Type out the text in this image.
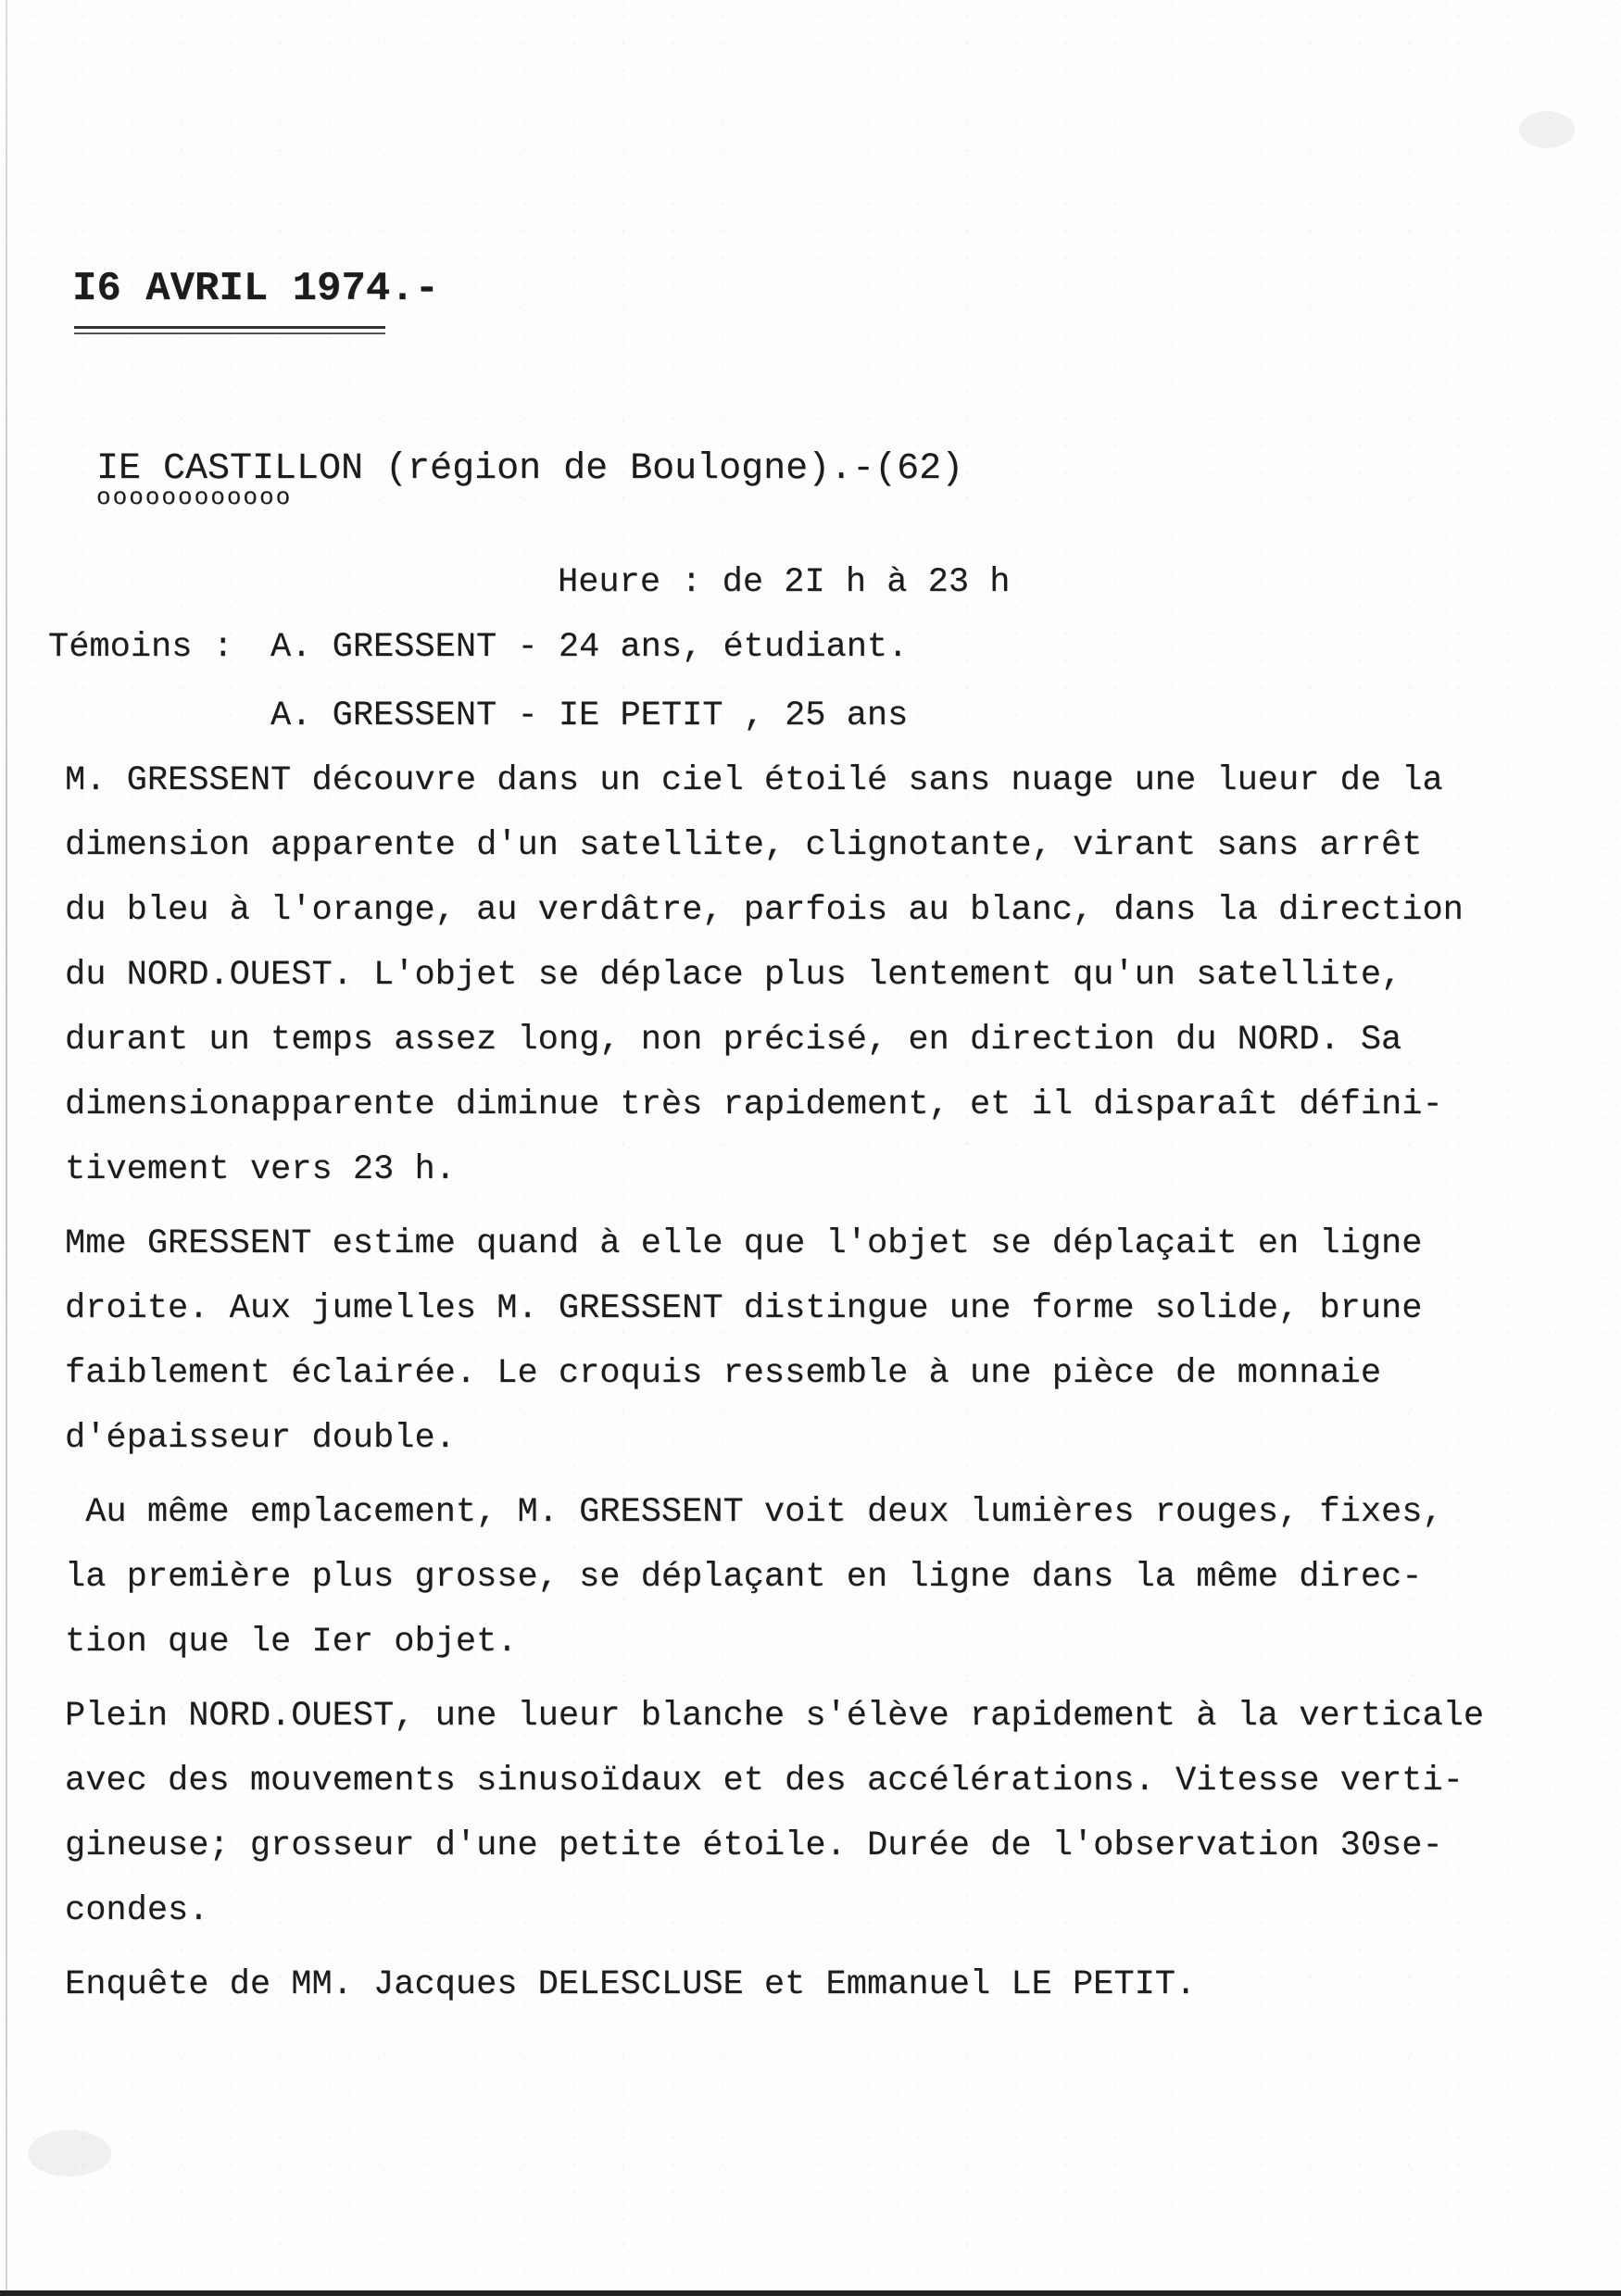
I6 AVRIL 1974.-
IE CASTILLON (région de Boulogne).-(62)
oooooooooooo
Heure : de 2I h à 23 h
Témoins : A. GRESSENT - 24 ans, étudiant.
A. GRESSENT - IE PETIT , 25 ans
M. GRESSENT découvre dans un ciel étoilé sans nuage une lueur de la
dimension apparente d'un satellite, clignotante, virant sans arrêt
du bleu à l'orange, au verdâtre, parfois au blanc, dans la direction
du NORD.OUEST. L'objet se déplace plus lentement qu'un satellite,
durant un temps assez long, non précisé, en direction du NORD. Sa
dimensionapparente diminue très rapidement, et il disparaît défini-
tivement vers 23 h.
Mme GRESSENT estime quand à elle que l'objet se déplaçait en ligne
droite. Aux jumelles M. GRESSENT distingue une forme solide, brune
faiblement éclairée. Le croquis ressemble à une pièce de monnaie
d'épaisseur double.
Au même emplacement, M. GRESSENT voit deux lumières rouges, fixes,
la première plus grosse, se déplaçant en ligne dans la même direc-
tion que le Ier objet.
Plein NORD.OUEST, une lueur blanche s'élève rapidement à la verticale
avec des mouvements sinusoïdaux et des accélérations. Vitesse verti-
gineuse; grosseur d'une petite étoile. Durée de l'observation 30se-
condes.
Enquête de MM. Jacques DELESCLUSE et Emmanuel LE PETIT.
